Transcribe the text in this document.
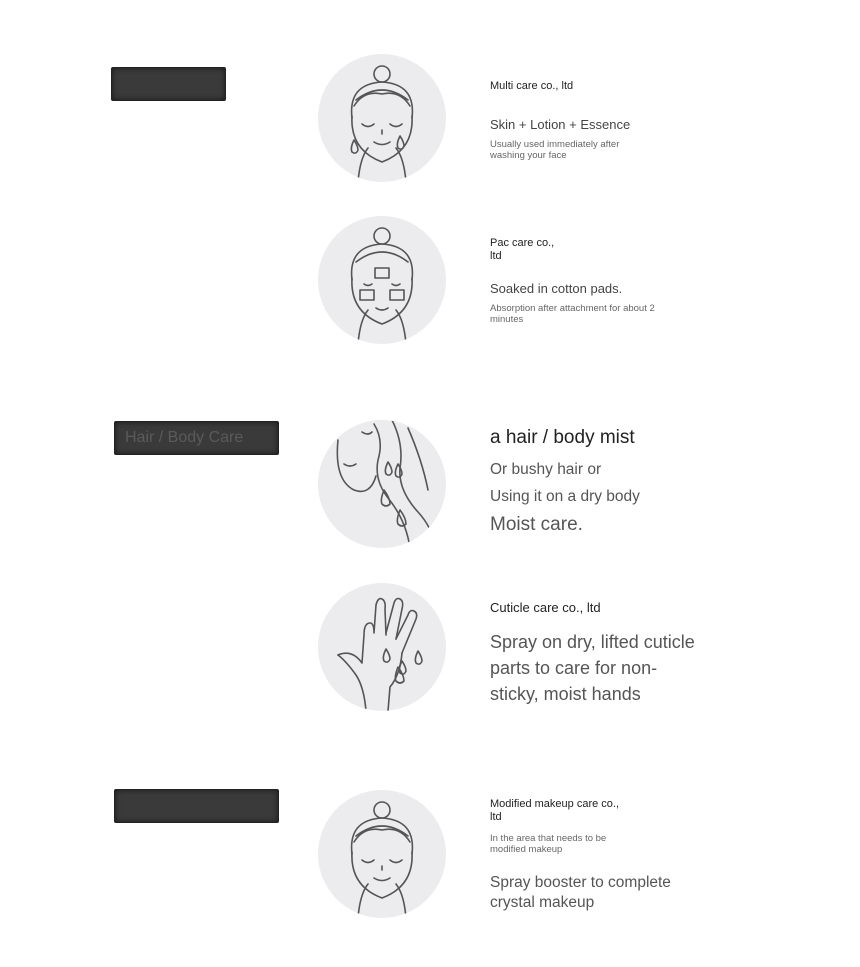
Hair / Body Care
Multi care co., ltd
Skin + Lotion + Essence
Usually used immediately after washing your face
Pac care co.,
ltd
Soaked in cotton pads.
Absorption after attachment for about 2 minutes
a hair / body mist
Or bushy hair or
Using it on a dry body
Moist care.
Cuticle care co., ltd
Spray on dry, lifted cuticle parts to care for non-sticky, moist hands
Modified makeup care co.,
ltd
In the area that needs to be modified makeup
Spray booster to complete crystal makeup
